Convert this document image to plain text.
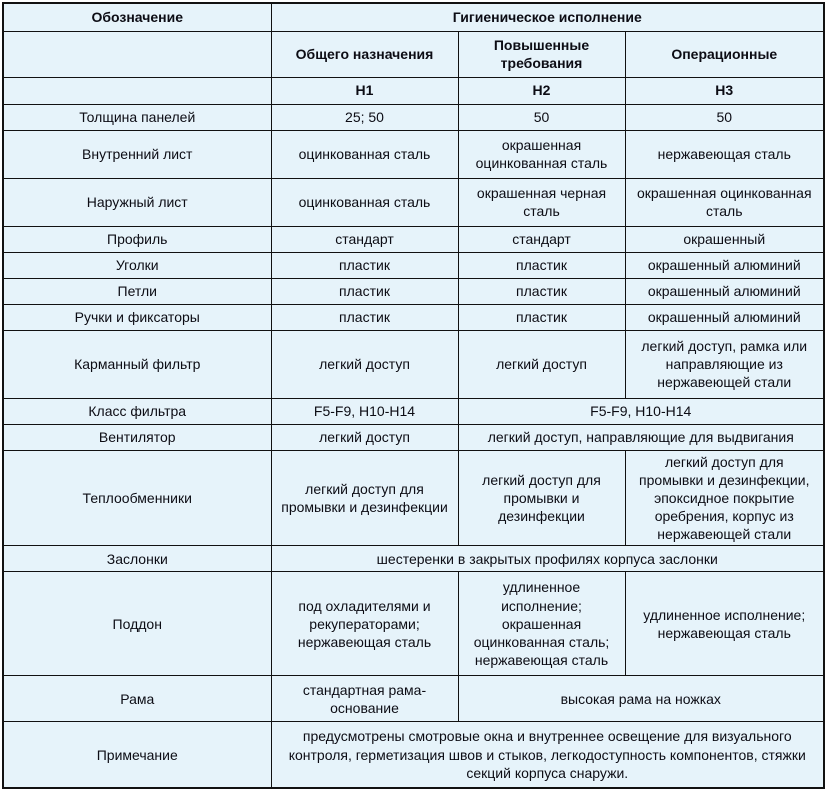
Обозначение	Гигиеническое исполнение		
	Общего назначения	Повышенные требования	Операционные
	Н1	Н2	Н3
Толщина панелей	25; 50	50	50
Внутренний лист	оцинкованная сталь	окрашенная оцинкованная сталь	нержавеющая сталь
Наружный лист	оцинкованная сталь	окрашенная черная сталь	окрашенная оцинкованная сталь
Профиль	стандарт	стандарт	окрашенный
Уголки	пластик	пластик	окрашенный алюминий
Петли	пластик	пластик	окрашенный алюминий
Ручки и фиксаторы	пластик	пластик	окрашенный алюминий
Карманный фильтр	легкий доступ	легкий доступ	легкий доступ, рамка или направляющие из нержавеющей стали
Класс фильтра	F5-F9, H10-H14	F5-F9, H10-H14	
Вентилятор	легкий доступ	легкий доступ, направляющие для выдвигания	
Теплообменники	легкий доступ для промывки и дезинфекции	легкий доступ для промывки и дезинфекции	легкий доступ для промывки и дезинфекции, эпоксидное покрытие оребрения, корпус из нержавеющей стали
Заслонки	шестеренки в закрытых профилях корпуса заслонки		
Поддон	под охладителями и рекуператорами; нержавеющая сталь	удлиненное исполнение; окрашенная оцинкованная сталь; нержавеющая сталь	удлиненное исполнение; нержавеющая сталь
Рама	стандартная рама-основание	высокая рама на ножках	
Примечание	предусмотрены смотровые окна и внутреннее освещение для визуального контроля, герметизация швов и стыков, легкодоступность компонентов, стяжки секций корпуса снаружи.		
